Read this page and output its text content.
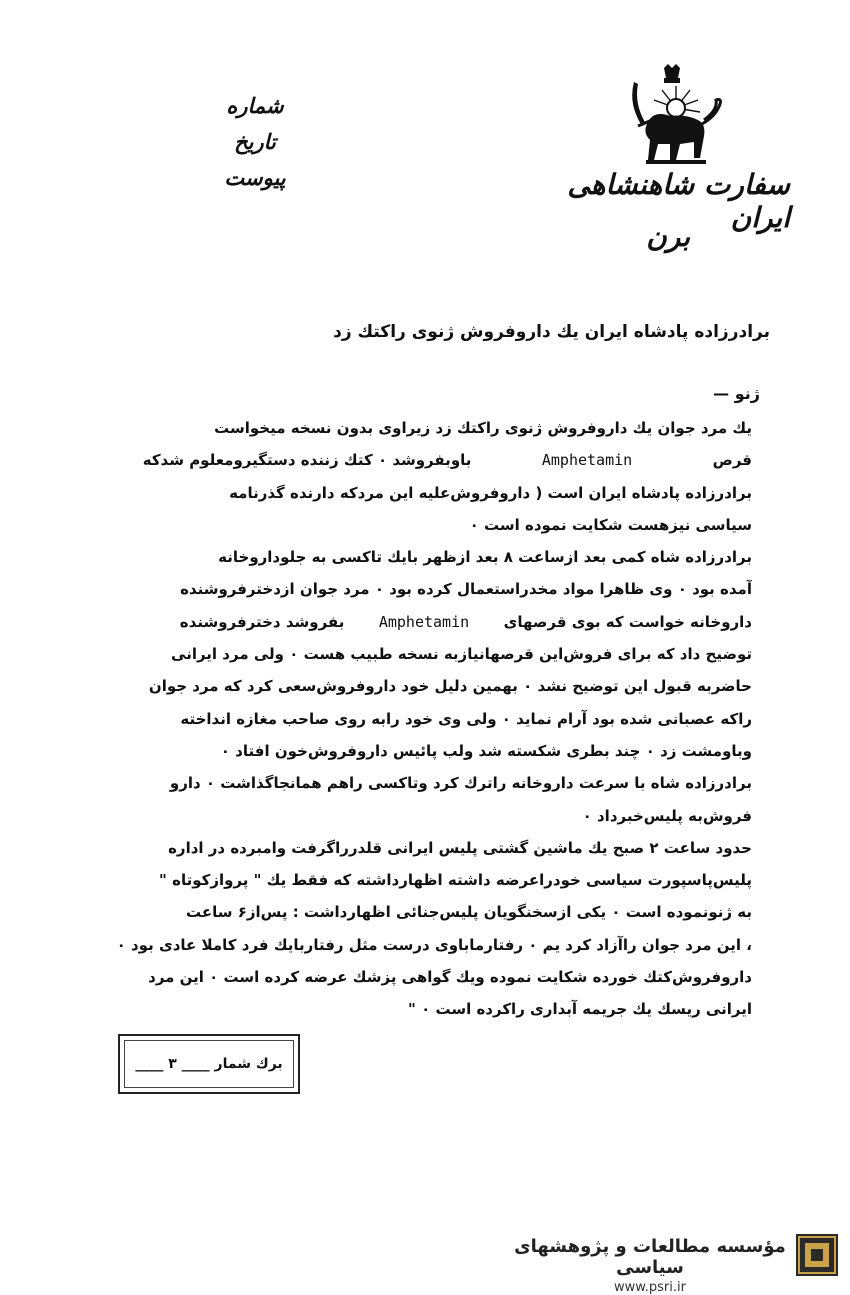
شماره
تاریخ
پیوست	سفارت شاهنشاهی ایران
برن
برادرزاده پادشاه ایران یك داروفروش ژنوی راكتك زد
ژنو —
یك مرد جوان یك داروفروش ژنوی راكتك زد زیراوی بدون نسخه میخواست
قرص  Amphetamin  باوبفروشد ٠ كتك زننده دستگیرومعلوم شدكه
برادرزاده پادشاه ایران است ( داروفروش‌علیه این مردكه دارنده گذرنامه
سیاسی نیزهست شكایت نموده است ٠
برادرزاده شاه كمی بعد ازساعت ۸ بعد ازظهر بایك تاكسی به جلوداروخانه
آمده بود ٠ وی ظاهرا مواد مخدراستعمال كرده بود ٠ مرد جوان ازدخترفروشنده
داروخانه خواست كه بوی قرصهای  Amphetamin  بفروشد دخترفروشنده
توضیح داد كه برای فروش‌این قرصهانیازبه نسخه طبیب هست ٠ ولی مرد ایرانی
حاضربه قبول این توضیح نشد ٠ بهمین دلیل خود داروفروش‌سعی كرد كه مرد جوان
راكه عصبانی شده بود آرام نماید ٠ ولی وی خود رابه روی صاحب مغازه انداخته
وباومشت زد ٠ چند بطری شكسته شد ولب پائیس داروفروش‌خون افتاد ٠
برادرزاده شاه با سرعت داروخانه راترك كرد وتاكسی راهم همانجاگذاشت ٠ دارو
فروش‌به پلیس‌خبرداد ٠
حدود ساعت ۲ صبح یك ماشین گشتی پلیس ایرانی قلدرراگرفت وامبرده در اداره
پلیس‌پاسپورت سیاسی خودراعرضه داشته اظهارداشته كه فقط یك " پروازكوتاه "
به ژنونموده است ٠ یكی ازسخنگویان پلیس‌جنائی اظهارداشت : پس‌از۶ ساعت
، این مرد جوان راآزاد كرد یم ٠ رفتارماباوی درست مثل رفتاربایك فرد كاملا عادی بود ٠
داروفروش‌كتك خورده شكایت نموده ویك گواهی پزشك عرضه كرده است ٠ این مرد
ایرانی ریسك یك جریمه آبداری راكرده است ٠ "
برك شمار ____ ۳ ____
مؤسسه مطالعات و پژوهشهای سیاسی
www.psri.ir
